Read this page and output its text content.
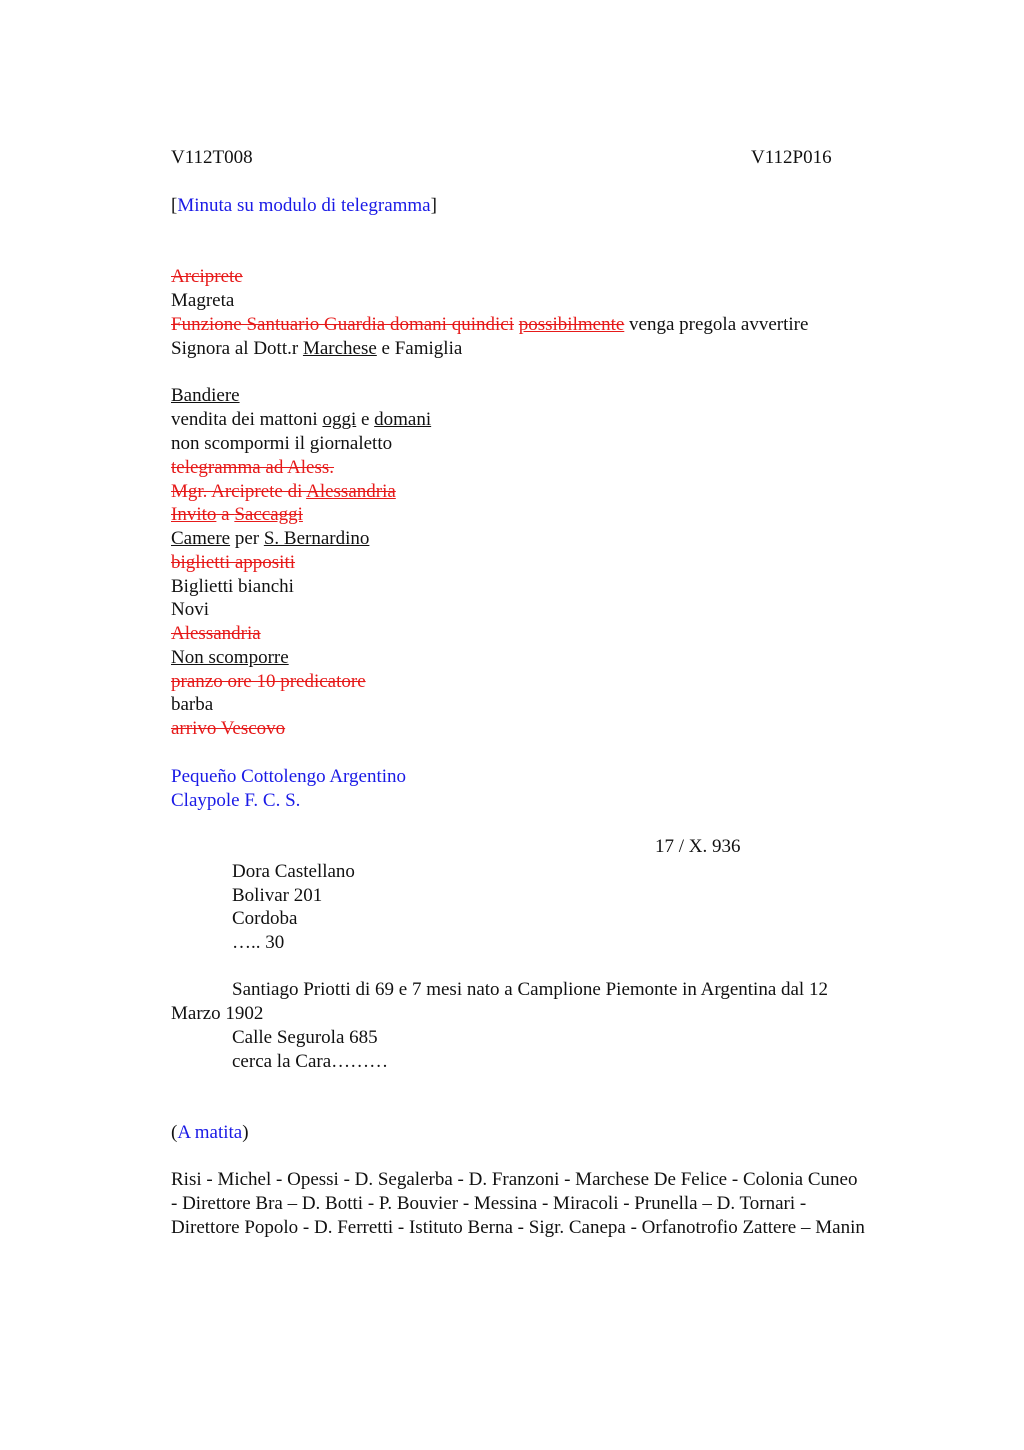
V112T008	V112P016
[Minuta su modulo di telegramma]
Arciprete
Magreta
Funzione Santuario Guardia domani quindici possibilmente venga pregola avvertire
Signora al Dott.r Marchese e Famiglia
Bandiere
vendita dei mattoni oggi e domani
non scompormi il giornaletto
telegramma ad Aless.
Mgr. Arciprete di Alessandria
Invito a Saccaggi
Camere per S. Bernardino
biglietti appositi
Biglietti bianchi
Novi
Alessandria
Non scomporre
pranzo ore 10 predicatore
barba
arrivo Vescovo
Pequeño Cottolengo Argentino
Claypole F. C. S.
17 / X. 936
Dora Castellano
Bolivar 201
Cordoba
….. 30
Santiago Priotti di 69 e 7 mesi nato a Camplione Piemonte in Argentina dal 12
Marzo 1902
Calle Segurola 685
cerca la Cara………
(A matita)
Risi - Michel - Opessi - D. Segalerba - D. Franzoni - Marchese De Felice - Colonia Cuneo
- Direttore Bra – D. Botti - P. Bouvier - Messina - Miracoli - Prunella – D. Tornari -
Direttore Popolo - D. Ferretti - Istituto Berna - Sigr. Canepa - Orfanotrofio Zattere – Manin
